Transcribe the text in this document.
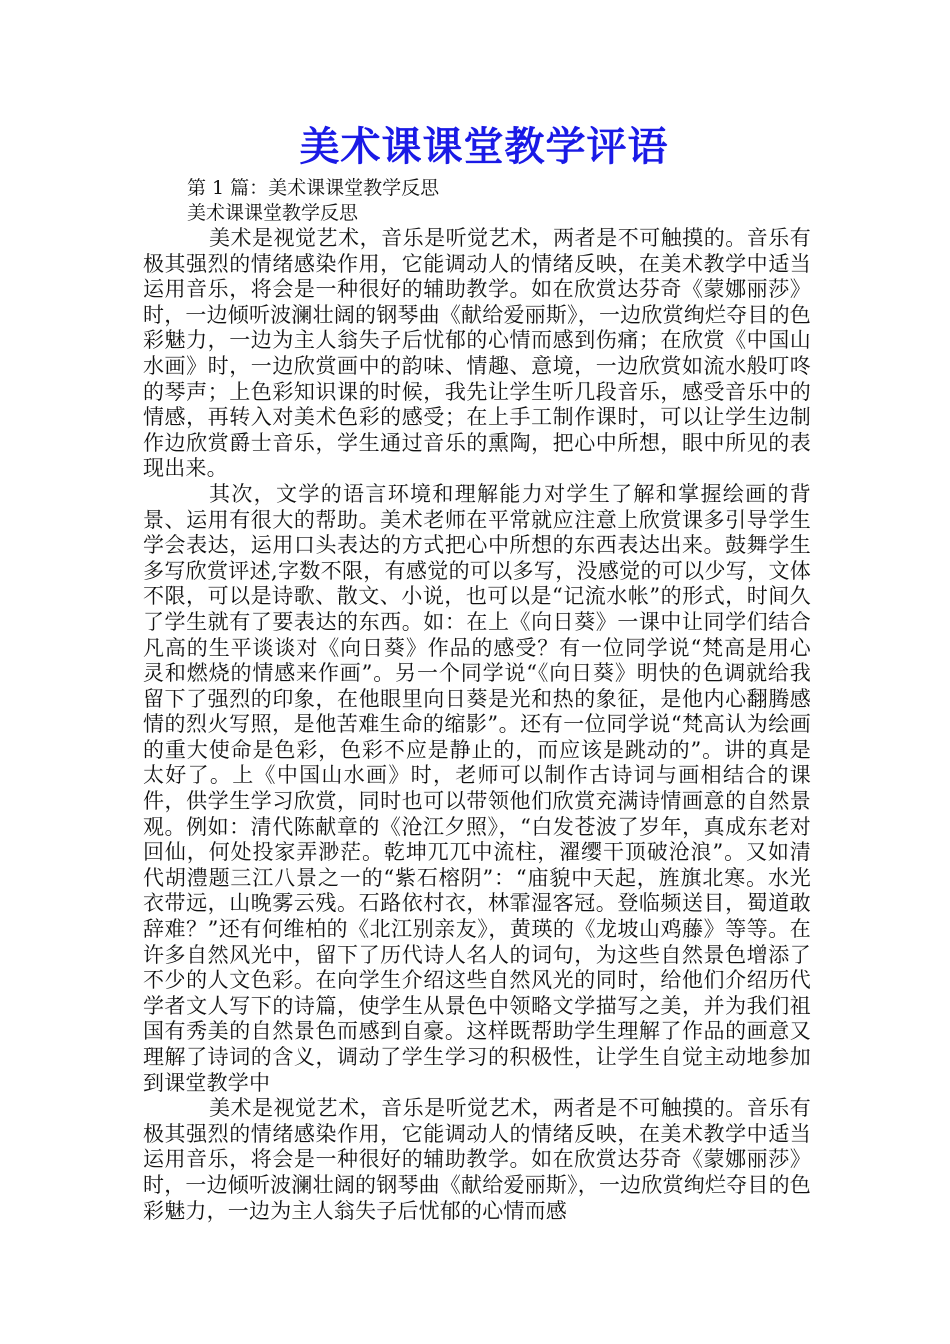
美术课课堂教学评语
第 1 篇：美术课课堂教学反思
美术课课堂教学反思

美术是视觉艺术，音乐是听觉艺术，两者是不可触摸的。音乐有极其强烈的情绪感染作用，它能调动人的情绪反映，在美术教学中适当运用音乐，将会是一种很好的辅助教学。如在欣赏达芬奇《蒙娜丽莎》时，一边倾听波澜壮阔的钢琴曲《献给爱丽斯》，一边欣赏绚烂夺目的色彩魅力，一边为主人翁失子后忧郁的心情而感到伤痛；在欣赏《中国山水画》时，一边欣赏画中的韵味、情趣、意境，一边欣赏如流水般叮咚的琴声；上色彩知识课的时候，我先让学生听几段音乐，感受音乐中的情感，再转入对美术色彩的感受；在上手工制作课时，可以让学生边制作边欣赏爵士音乐，学生通过音乐的熏陶，把心中所想，眼中所见的表现出来。

其次，文学的语言环境和理解能力对学生了解和掌握绘画的背景、运用有很大的帮助。美术老师在平常就应注意上欣赏课多引导学生学会表达，运用口头表达的方式把心中所想的东西表达出来。鼓舞学生多写欣赏评述,字数不限，有感觉的可以多写，没感觉的可以少写，文体不限，可以是诗歌、散文、小说，也可以是“记流水帐”的形式，时间久了学生就有了要表达的东西。如：在上《向日葵》一课中让同学们结合凡高的生平谈谈对《向日葵》作品的感受？有一位同学说“梵高是用心灵和燃烧的情感来作画”。另一个同学说“《向日葵》明快的色调就给我留下了强烈的印象，在他眼里向日葵是光和热的象征，是他内心翻腾感情的烈火写照，是他苦难生命的缩影”。还有一位同学说“梵高认为绘画的重大使命是色彩，色彩不应是静止的，而应该是跳动的”。讲的真是太好了。上《中国山水画》时，老师可以制作古诗词与画相结合的课件，供学生学习欣赏，同时也可以带领他们欣赏充满诗情画意的自然景观。例如：清代陈献章的《沧江夕照》，“白发苍波了岁年，真成东老对回仙，何处投家弄渺茫。乾坤兀兀中流柱，濯缨干顶破沧浪”。又如清代胡澧题三江八景之一的“紫石榕阴”：“庙貌中天起，旌旗北寒。水光衣带远，山晚雾云残。石路依村衣，林霏湿客冠。登临频送目，蜀道敢辞难？”还有何维柏的《北江别亲友》，黄瑛的《龙坡山鸡藤》等等。在许多自然风光中，留下了历代诗人名人的词句，为这些自然景色增添了不少的人文色彩。在向学生介绍这些自然风光的同时，给他们介绍历代学者文人写下的诗篇，使学生从景色中领略文学描写之美，并为我们祖国有秀美的自然景色而感到自豪。这样既帮助学生理解了作品的画意又理解了诗词的含义，调动了学生学习的积极性，让学生自觉主动地参加到课堂教学中

美术是视觉艺术，音乐是听觉艺术，两者是不可触摸的。音乐有极其强烈的情绪感染作用，它能调动人的情绪反映，在美术教学中适当运用音乐，将会是一种很好的辅助教学。如在欣赏达芬奇《蒙娜丽莎》时，一边倾听波澜壮阔的钢琴曲《献给爱丽斯》，一边欣赏绚烂夺目的色彩魅力，一边为主人翁失子后忧郁的心情而感
